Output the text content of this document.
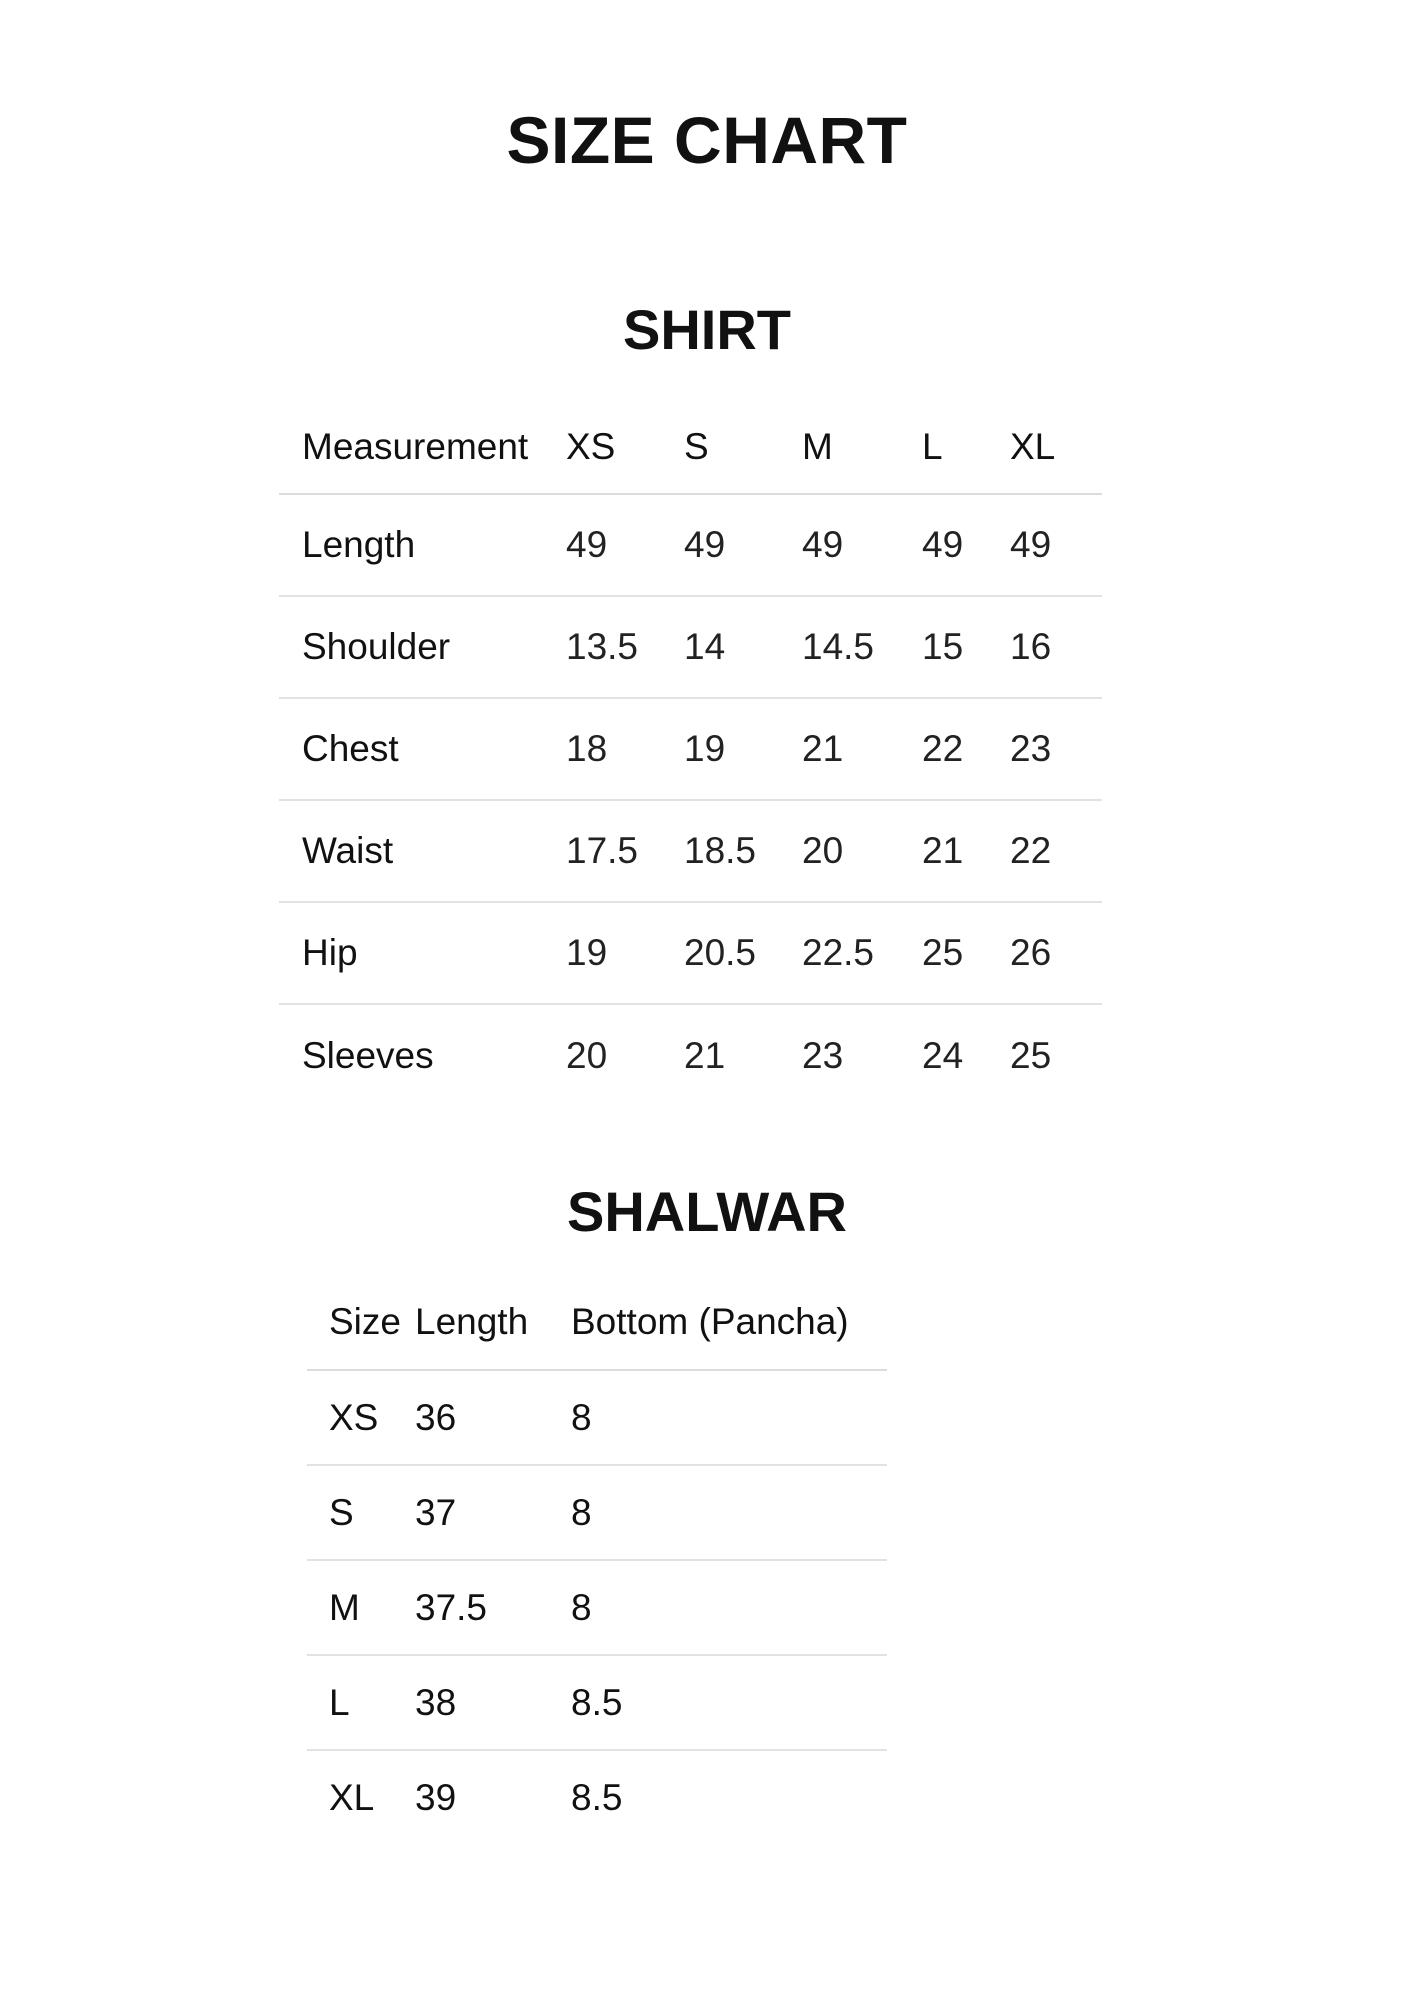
SIZE CHART
SHIRT
Measurement	XS	S	M	L	XL
Length	49	49	49	49	49
Shoulder	13.5	14	14.5	15	16
Chest	18	19	21	22	23
Waist	17.5	18.5	20	21	22
Hip	19	20.5	22.5	25	26
Sleeves	20	21	23	24	25
SHALWAR
Size	Length	Bottom (Pancha)
XS	36	8
S	37	8
M	37.5	8
L	38	8.5
XL	39	8.5
